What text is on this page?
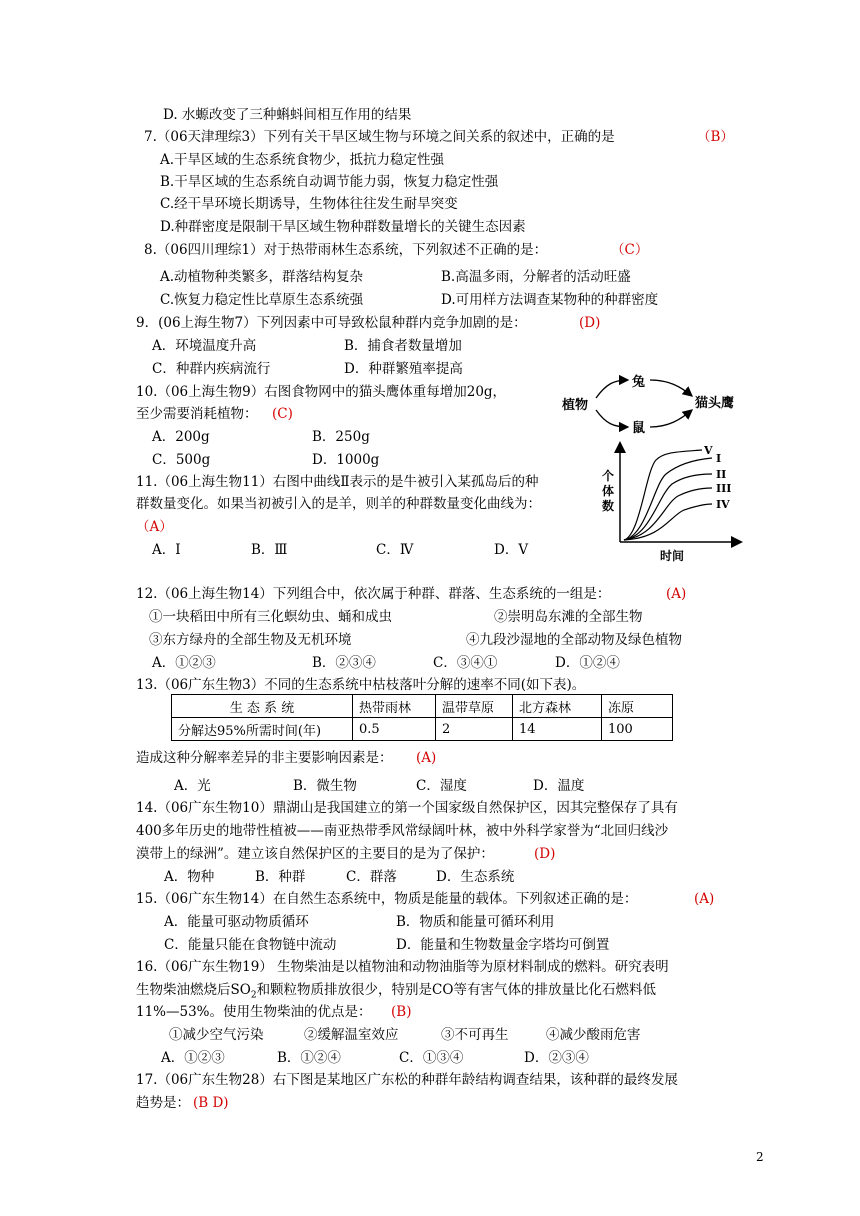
D. 水螈改变了三种蝌蚪间相互作用的结果
7.（06天津理综3）下列有关干旱区域生物与环境之间关系的叙述中，正确的是	（B）
A.干旱区域的生态系统食物少，抵抗力稳定性强
B.干旱区域的生态系统自动调节能力弱，恢复力稳定性强
C.经干旱环境长期诱导，生物体往往发生耐旱突变
D.种群密度是限制干旱区域生物种群数量增长的关键生态因素
8.（06四川理综1）对于热带雨林生态系统，下列叙述不正确的是：	（C）
A.动植物种类繁多，群落结构复杂	B.高温多雨，分解者的活动旺盛
C.恢复力稳定性比草原生态系统强	D.可用样方法调查某物种的种群密度
9．(06上海生物7）下列因素中可导致松鼠种群内竞争加剧的是：	(D)
A．环境温度升高	B．捕食者数量增加
C．种群内疾病流行	D．种群繁殖率提高
10.（06上海生物9）右图食物网中的猫头鹰体重每增加20g，
至少需要消耗植物： (C)
A．200g	B．250g
C．500g	D．1000g
植物
兔
鼠
猫头鹰
11.（06上海生物11）右图中曲线Ⅱ表示的是牛被引入某孤岛后的种
群数量变化。如果当初被引入的是羊，则羊的种群数量变化曲线为：
（A）
A．Ⅰ	B．Ⅲ	C．Ⅳ	D．Ⅴ
个体数
时间
V
I
II
III
IV
12.（06上海生物14）下列组合中，依次属于种群、群落、生态系统的一组是：	(A)
①一块稻田中所有三化螟幼虫、蛹和成虫	②崇明岛东滩的全部生物
③东方绿舟的全部生物及无机环境	④九段沙湿地的全部动物及绿色植物
A．①②③	B．②③④	C．③④①	D．①②④
13.（06广东生物3）不同的生态系统中枯枝落叶分解的速率不同(如下表)。
生 态 系 统	热带雨林	温带草原	北方森林	冻原
分解达95%所需时间(年)	0.5	2	14	100
造成这种分解率差异的非主要影响因素是： (A)
A．光	B．微生物	C．湿度	D．温度
14.（06广东生物10）鼎湖山是我国建立的第一个国家级自然保护区，因其完整保存了具有
400多年历史的地带性植被——南亚热带季风常绿阔叶林，被中外科学家誉为“北回归线沙
漠带上的绿洲”。建立该自然保护区的主要目的是为了保护：	(D)
A．物种	B．种群	C．群落	D．生态系统
15.（06广东生物14）在自然生态系统中，物质是能量的载体。下列叙述正确的是：	(A)
A．能量可驱动物质循环	B．物质和能量可循环利用
C．能量只能在食物链中流动	D．能量和生物数量金字塔均可倒置
16.（06广东生物19） 生物柴油是以植物油和动物油脂等为原材料制成的燃料。研究表明
生物柴油燃烧后$SO_2$和颗粒物质排放很少，特别是CO等有害气体的排放量比化石燃料低
11%—53%。使用生物柴油的优点是： (B)
①减少空气污染	②缓解温室效应	③不可再生	④减少酸雨危害
A．①②③	B．①②④	C．①③④	D．②③④
17.（06广东生物28）右下图是某地区广东松的种群年龄结构调查结果，该种群的最终发展
趋势是： (B D)
2
